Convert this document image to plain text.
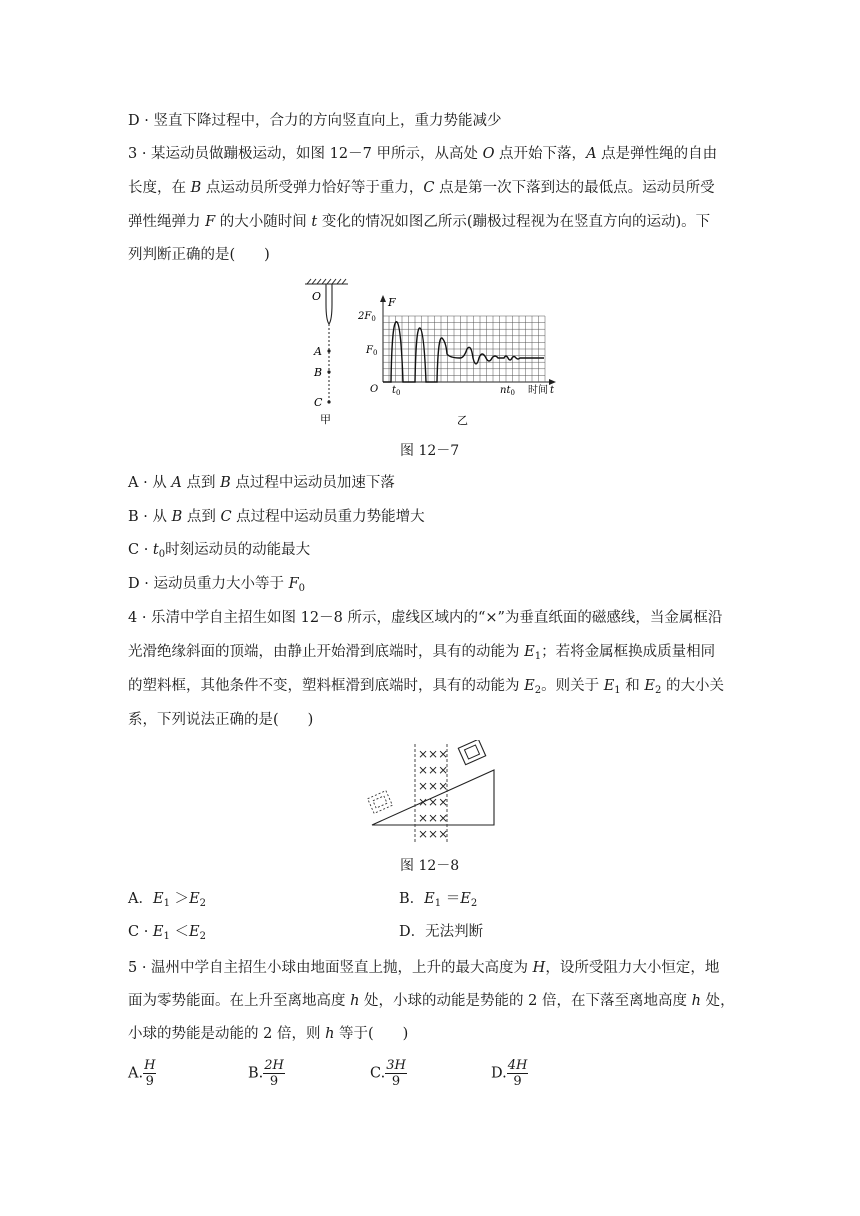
D · 竖直下降过程中，合力的方向竖直向上，重力势能减少
3 · 某运动员做蹦极运动，如图 12－7 甲所示，从高处 O 点开始下落，A 点是弹性绳的自由
长度，在 B 点运动员所受弹力恰好等于重力，C 点是第一次下落到达的最低点。运动员所受
弹性绳弹力 F 的大小随时间 t 变化的情况如图乙所示(蹦极过程视为在竖直方向的运动)。下
列判断正确的是(　　)
O
A
B
C
甲
F
$2F_0$
$F_0$
O $t_0$	$nt_0$ 时间 t
乙
图 12－7
A · 从 A 点到 B 点过程中运动员加速下落
B · 从 B 点到 C 点过程中运动员重力势能增大
$C \cdot t_0$时刻运动员的动能最大
D · 运动员重力大小等于 $F_0$
4 · 乐清中学自主招生如图 12－8 所示，虚线区域内的“×”为垂直纸面的磁感线，当金属框沿
光滑绝缘斜面的顶端，由静止开始滑到底端时，具有的动能为 $E_1$；若将金属框换成质量相同
的塑料框，其他条件不变，塑料框滑到底端时，具有的动能为 $E_2$。则关于 $E_1$ 和 $E_2$ 的大小关
系，下列说法正确的是(　　)
×××
×××
×××
×××
×××
×××
图 12－8
A．$E_1 >E_2$	B．$E_1 =E_2$
$C \cdot E_1 <E_2$	D．无法判断
5 · 温州中学自主招生小球由地面竖直上抛，上升的最大高度为 H，设所受阻力大小恒定，地
面为零势能面。在上升至离地高度 h 处，小球的动能是势能的 2 倍，在下落至离地高度 h 处，
小球的势能是动能的 2 倍，则 h 等于(　　)
A. $\frac{H}{9}$	B. $\frac{2H}{9}$	C. $\frac{3H}{9}$	D. $\frac{4H}{9}$
